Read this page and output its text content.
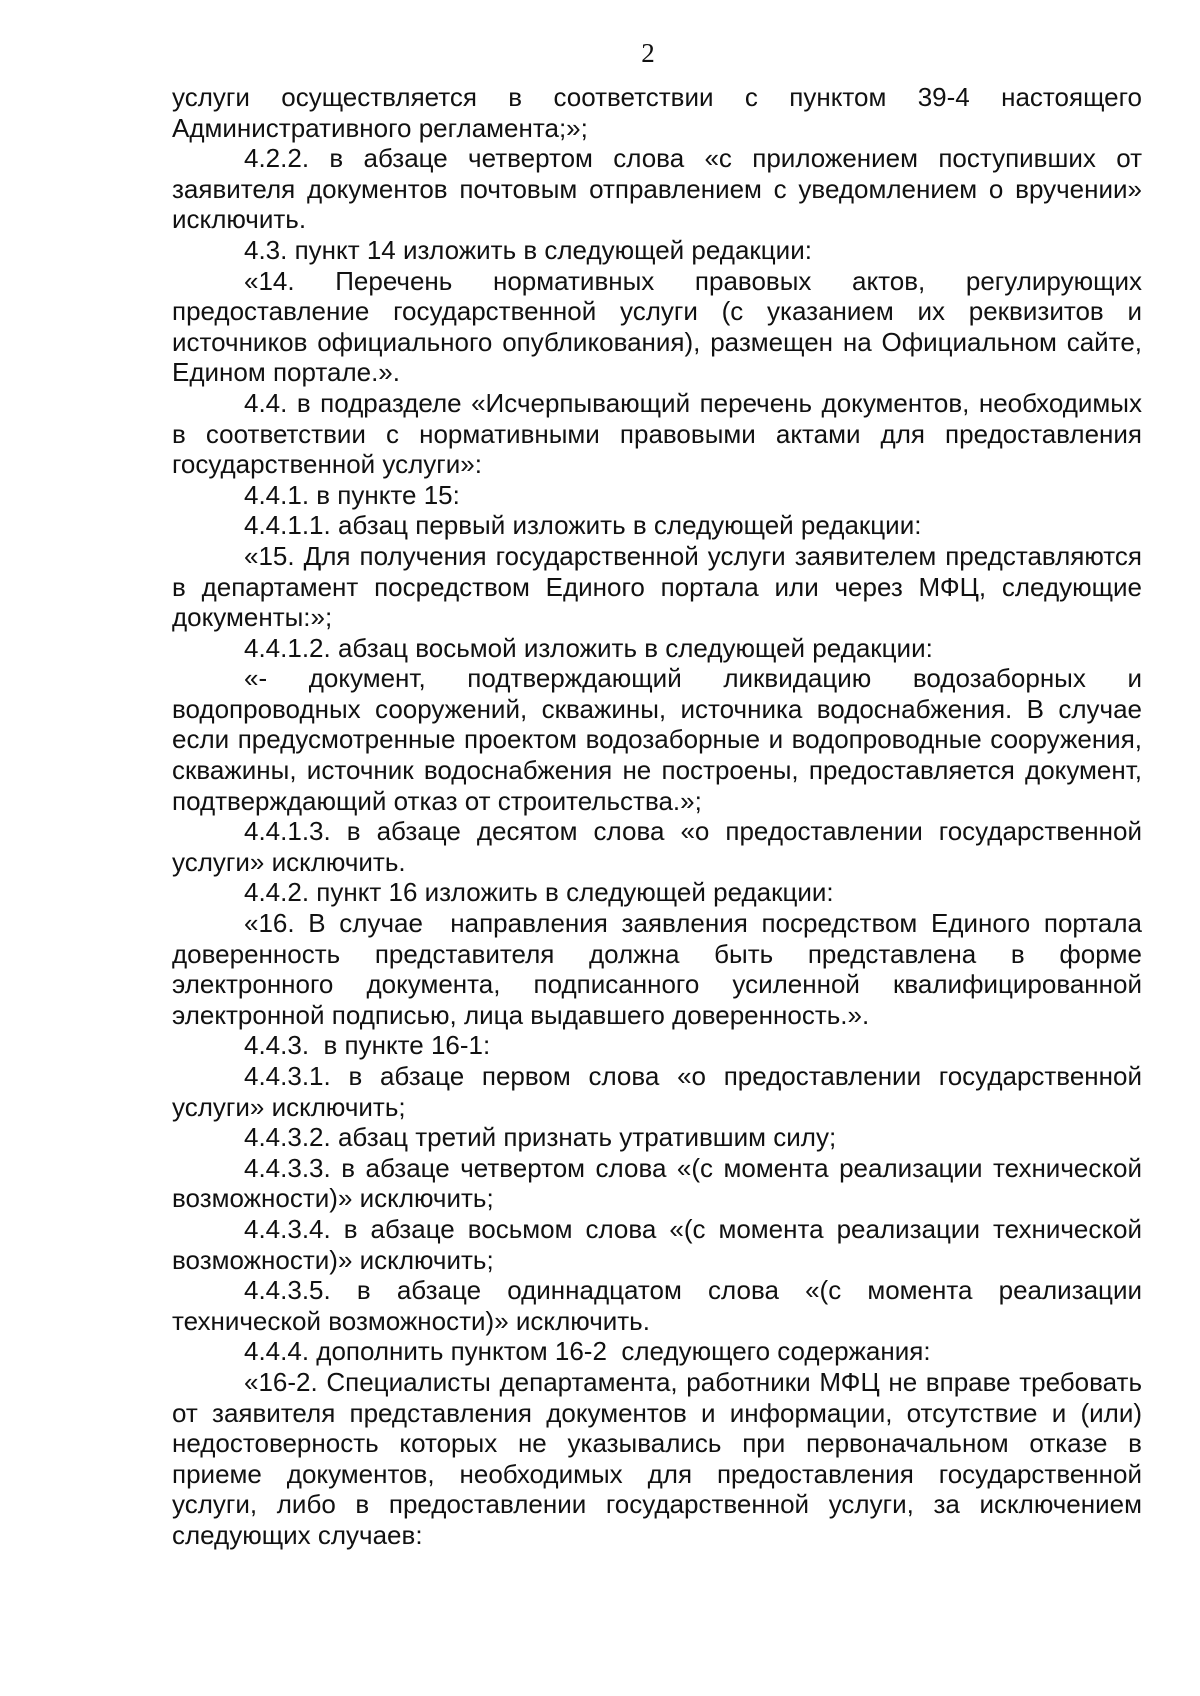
2

услуги осуществляется в соответствии с пунктом 39-4 настоящего Административного регламента;»;

4.2.2. в абзаце четвертом слова «с приложением поступивших от заявителя документов почтовым отправлением с уведомлением о вручении» исключить.

4.3. пункт 14 изложить в следующей редакции:

«14. Перечень нормативных правовых актов, регулирующих предоставление государственной услуги (с указанием их реквизитов и источников официального опубликования), размещен на Официальном сайте, Едином портале.».

4.4. в подразделе «Исчерпывающий перечень документов, необходимых в соответствии с нормативными правовыми актами для предоставления государственной услуги»:

4.4.1. в пункте 15:

4.4.1.1. абзац первый изложить в следующей редакции:

«15. Для получения государственной услуги заявителем представляются в департамент посредством Единого портала или через МФЦ, следующие документы:»;

4.4.1.2. абзац восьмой изложить в следующей редакции:

«- документ, подтверждающий ликвидацию водозаборных и водопроводных сооружений, скважины, источника водоснабжения. В случае если предусмотренные проектом водозаборные и водопроводные сооружения, скважины, источник водоснабжения не построены, предоставляется документ, подтверждающий отказ от строительства.»;

4.4.1.3. в абзаце десятом слова «о предоставлении государственной услуги» исключить.

4.4.2. пункт 16 изложить в следующей редакции:

«16. В случае  направления заявления посредством Единого портала доверенность представителя должна быть представлена в форме электронного документа, подписанного усиленной квалифицированной электронной подписью, лица выдавшего доверенность.».

4.4.3.  в пункте 16-1:

4.4.3.1. в абзаце первом слова «о предоставлении государственной услуги» исключить;

4.4.3.2. абзац третий признать утратившим силу;

4.4.3.3. в абзаце четвертом слова «(с момента реализации технической возможности)» исключить;

4.4.3.4. в абзаце восьмом слова «(с момента реализации технической возможности)» исключить;

4.4.3.5. в абзаце одиннадцатом слова «(с момента реализации технической возможности)» исключить.

4.4.4. дополнить пунктом 16-2  следующего содержания:

«16-2. Специалисты департамента, работники МФЦ не вправе требовать от заявителя представления документов и информации, отсутствие и (или) недостоверность которых не указывались при первоначальном отказе в приеме документов, необходимых для предоставления государственной услуги, либо в предоставлении государственной услуги, за исключением следующих случаев:
